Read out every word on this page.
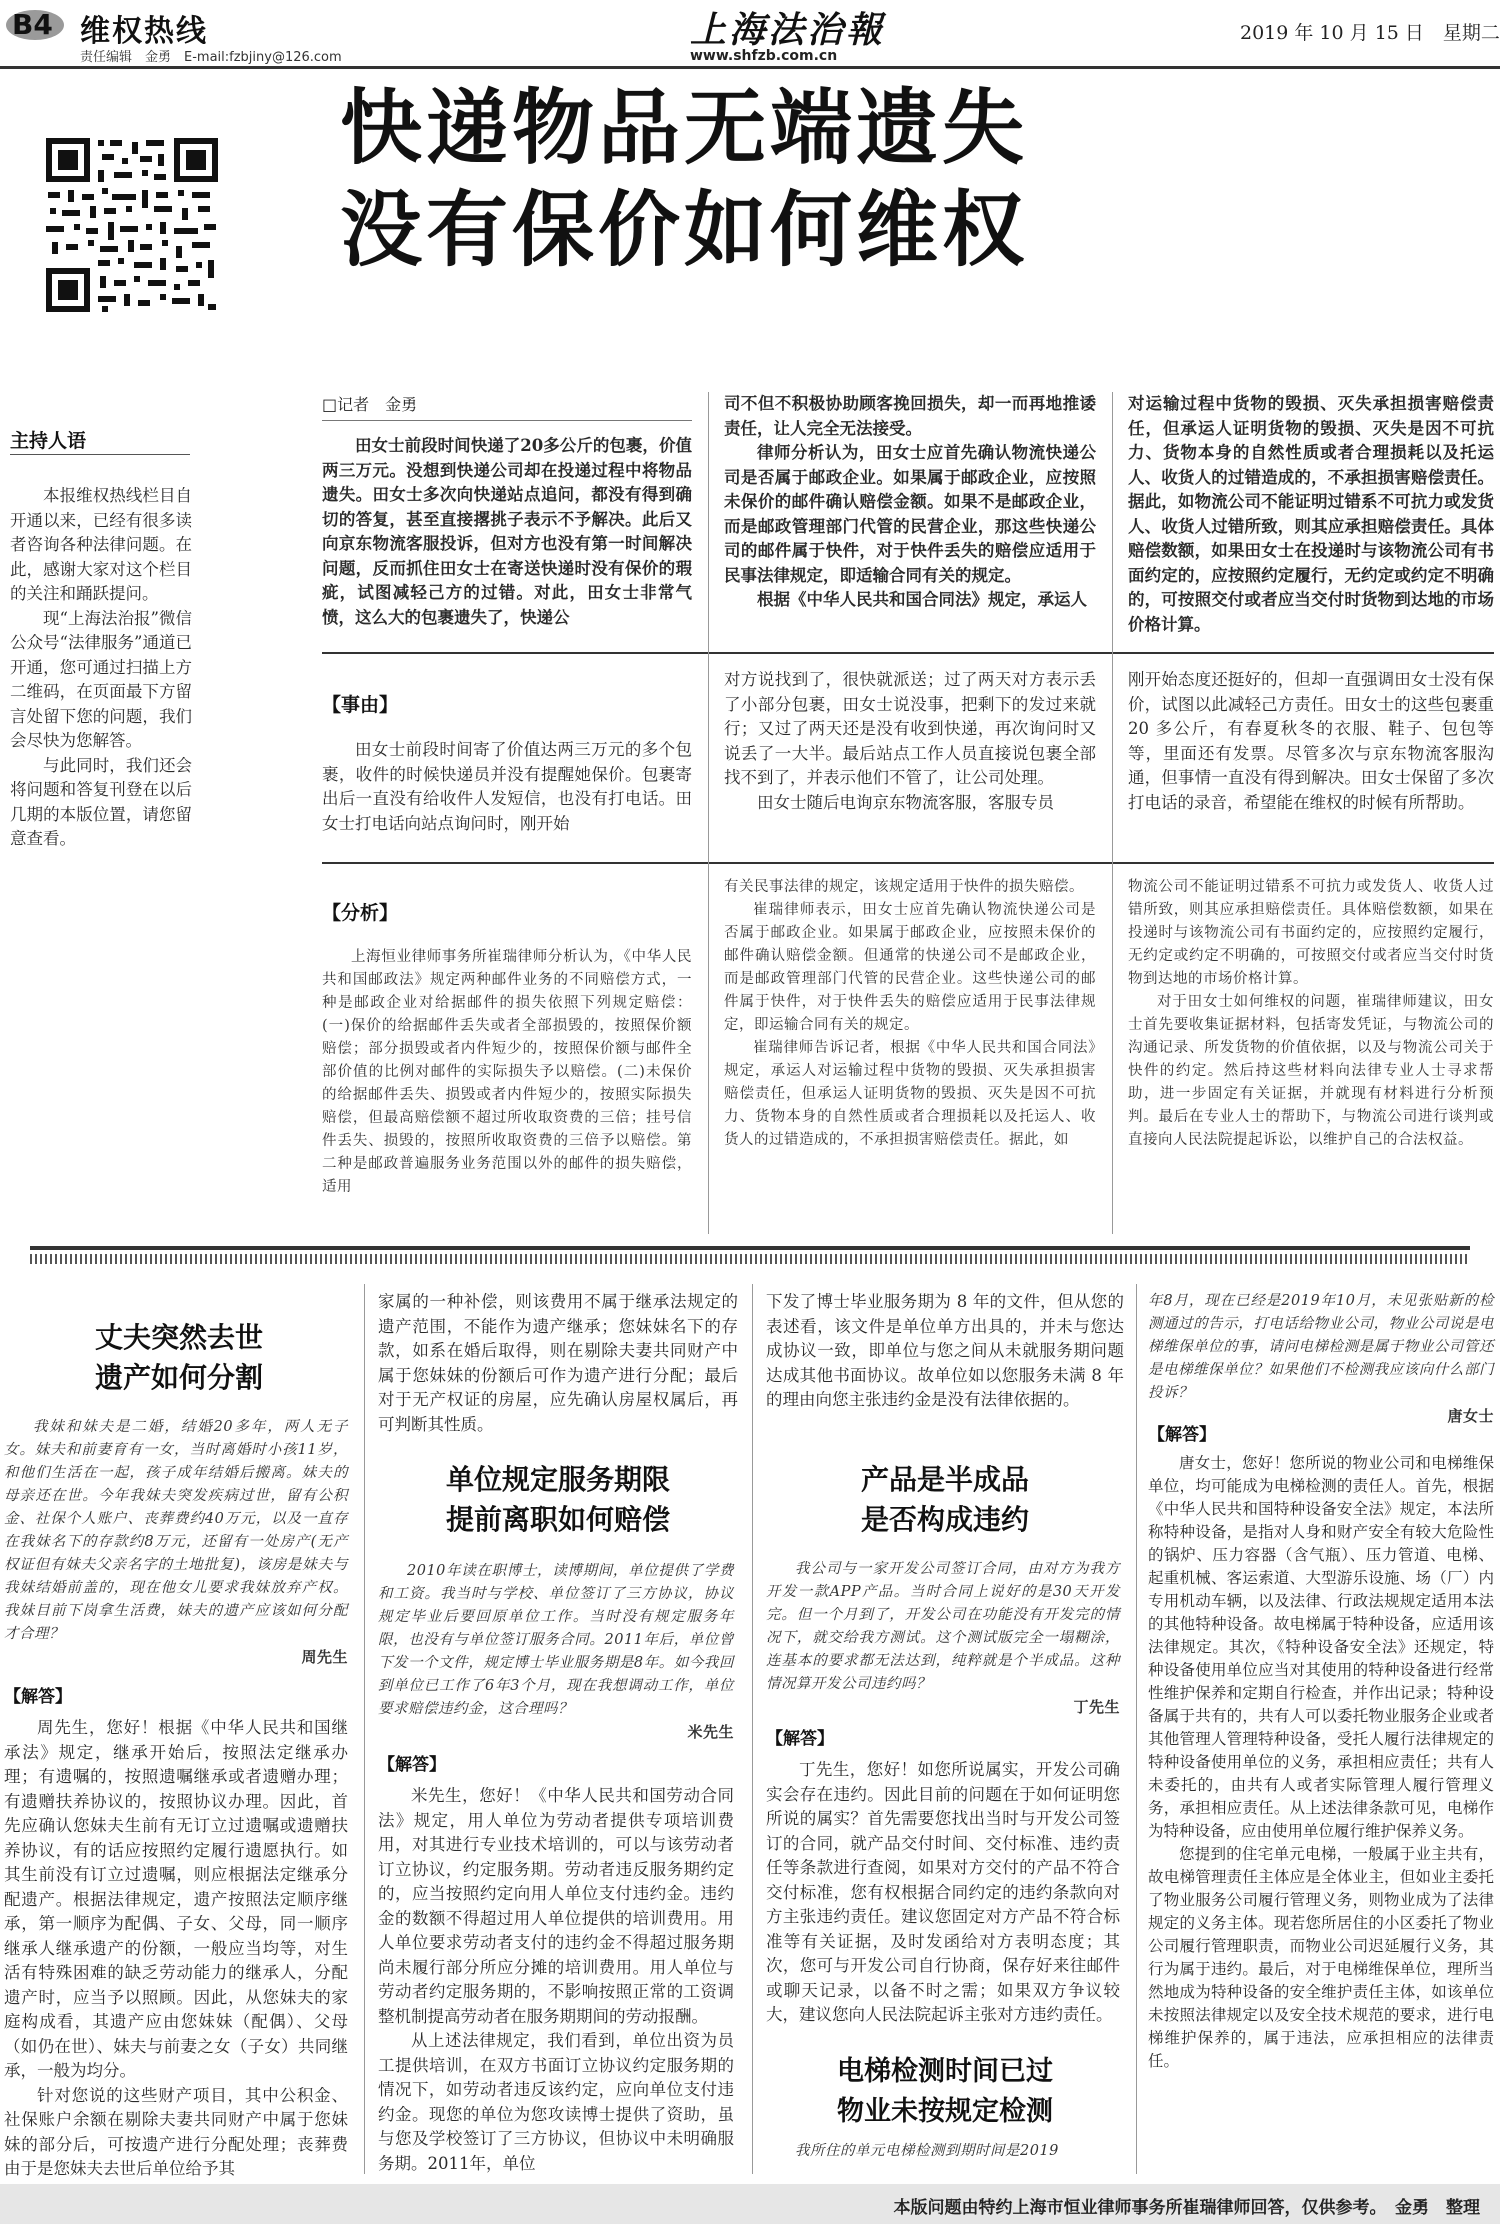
B4 维权热线
责任编辑　金勇　E-mail:fzbjiny@126.com
上海法治報
www.shfzb.com.cn
2019 年 10 月 15 日　星期二
快递物品无端遗失
没有保价如何维权
主持人语

本报维权热线栏目自开通以来，已经有很多读者咨询各种法律问题。在此，感谢大家对这个栏目的关注和踊跃提问。

现“上海法治报”微信公众号“法律服务”通道已开通，您可通过扫描上方二维码，在页面最下方留言处留下您的问题，我们会尽快为您解答。

与此同时，我们还会将问题和答复刊登在以后几期的本版位置，请您留意查看。

□记者　金勇

田女士前段时间快递了20多公斤的包裹，价值两三万元。没想到快递公司却在投递过程中将物品遗失。田女士多次向快递站点追问，都没有得到确切的答复，甚至直接撂挑子表示不予解决。此后又向京东物流客服投诉，但对方也没有第一时间解决问题，反而抓住田女士在寄送快递时没有保价的瑕疵，试图减轻己方的过错。对此，田女士非常气愤，这么大的包裹遗失了，快递公

司不但不积极协助顾客挽回损失，却一而再地推诿责任，让人完全无法接受。

律师分析认为，田女士应首先确认物流快递公司是否属于邮政企业。如果属于邮政企业，应按照未保价的邮件确认赔偿金额。如果不是邮政企业，而是邮政管理部门代管的民营企业，那这些快递公司的邮件属于快件，对于快件丢失的赔偿应适用于民事法律规定，即适输合同有关的规定。

根据《中华人民共和国合同法》规定，承运人

对运输过程中货物的毁损、灭失承担损害赔偿责任，但承运人证明货物的毁损、灭失是因不可抗力、货物本身的自然性质或者合理损耗以及托运人、收货人的过错造成的，不承担损害赔偿责任。据此，如物流公司不能证明过错系不可抗力或发货人、收货人过错所致，则其应承担赔偿责任。具体赔偿数额，如果田女士在投递时与该物流公司有书面约定的，应按照约定履行，无约定或约定不明确的，可按照交付或者应当交付时货物到达地的市场价格计算。

【事由】

田女士前段时间寄了价值达两三万元的多个包裹，收件的时候快递员并没有提醒她保价。包裹寄出后一直没有给收件人发短信，也没有打电话。田女士打电话向站点询问时，刚开始

对方说找到了，很快就派送；过了两天对方表示丢了小部分包裹，田女士说没事，把剩下的发过来就行；又过了两天还是没有收到快递，再次询问时又说丢了一大半。最后站点工作人员直接说包裹全部找不到了，并表示他们不管了，让公司处理。

田女士随后电询京东物流客服，客服专员

刚开始态度还挺好的，但却一直强调田女士没有保价，试图以此减轻己方责任。田女士的这些包裹重 20 多公斤，有春夏秋冬的衣服、鞋子、包包等等，里面还有发票。尽管多次与京东物流客服沟通，但事情一直没有得到解决。田女士保留了多次打电话的录音，希望能在维权的时候有所帮助。

【分析】

上海恒业律师事务所崔瑞律师分析认为，《中华人民共和国邮政法》规定两种邮件业务的不同赔偿方式，一种是邮政企业对给据邮件的损失依照下列规定赔偿：(一)保价的给据邮件丢失或者全部损毁的，按照保价额赔偿；部分损毁或者内件短少的，按照保价额与邮件全部价值的比例对邮件的实际损失予以赔偿。(二)未保价的给据邮件丢失、损毁或者内件短少的，按照实际损失赔偿，但最高赔偿额不超过所收取资费的三倍；挂号信件丢失、损毁的，按照所收取资费的三倍予以赔偿。第二种是邮政普遍服务业务范围以外的邮件的损失赔偿，适用

有关民事法律的规定，该规定适用于快件的损失赔偿。

崔瑞律师表示，田女士应首先确认物流快递公司是否属于邮政企业。如果属于邮政企业，应按照未保价的邮件确认赔偿金额。但通常的快递公司不是邮政企业，而是邮政管理部门代管的民营企业。这些快递公司的邮件属于快件，对于快件丢失的赔偿应适用于民事法律规定，即运输合同有关的规定。

崔瑞律师告诉记者，根据《中华人民共和国合同法》规定，承运人对运输过程中货物的毁损、灭失承担损害赔偿责任，但承运人证明货物的毁损、灭失是因不可抗力、货物本身的自然性质或者合理损耗以及托运人、收货人的过错造成的，不承担损害赔偿责任。据此，如

物流公司不能证明过错系不可抗力或发货人、收货人过错所致，则其应承担赔偿责任。具体赔偿数额，如果在投递时与该物流公司有书面约定的，应按照约定履行，无约定或约定不明确的，可按照交付或者应当交付时货物到达地的市场价格计算。

对于田女士如何维权的问题，崔瑞律师建议，田女士首先要收集证据材料，包括寄发凭证，与物流公司的沟通记录、所发货物的价值依据，以及与物流公司关于快件的约定。然后持这些材料向法律专业人士寻求帮助，进一步固定有关证据，并就现有材料进行分析预判。最后在专业人士的帮助下，与物流公司进行谈判或直接向人民法院提起诉讼，以维护自己的合法权益。

丈夫突然去世
遗产如何分割

我妹和妹夫是二婚，结婚20多年，两人无子女。妹夫和前妻育有一女，当时离婚时小孩11岁，和他们生活在一起，孩子成年结婚后搬离。妹夫的母亲还在世。今年我妹夫突发疾病过世，留有公积金、社保个人账户、丧葬费约40万元，以及一直存在我妹名下的存款约8万元，还留有一处房产(无产权证但有妹夫父亲名字的土地批复)，该房是妹夫与我妹结婚前盖的，现在他女儿要求我妹放弃产权。我妹目前下岗拿生活费，妹夫的遗产应该如何分配才合理？

周先生
【解答】

周先生，您好！根据《中华人民共和国继承法》规定，继承开始后，按照法定继承办理；有遗嘱的，按照遗嘱继承或者遗赠办理；有遗赠扶养协议的，按照协议办理。因此，首先应确认您妹夫生前有无订立过遗嘱或遗赠扶养协议，有的话应按照约定履行遗愿执行。如其生前没有订立过遗嘱，则应根据法定继承分配遗产。根据法律规定，遗产按照法定顺序继承，第一顺序为配偶、子女、父母，同一顺序继承人继承遗产的份额，一般应当均等，对生活有特殊困难的缺乏劳动能力的继承人，分配遗产时，应当予以照顾。因此，从您妹夫的家庭构成看，其遗产应由您妹妹（配偶）、父母（如仍在世）、妹夫与前妻之女（子女）共同继承，一般为均分。

针对您说的这些财产项目，其中公积金、社保账户余额在剔除夫妻共同财产中属于您妹妹的部分后，可按遗产进行分配处理；丧葬费由于是您妹夫去世后单位给予其

家属的一种补偿，则该费用不属于继承法规定的遗产范围，不能作为遗产继承；您妹妹名下的存款，如系在婚后取得，则在剔除夫妻共同财产中属于您妹妹的份额后可作为遗产进行分配；最后对于无产权证的房屋，应先确认房屋权属后，再可判断其性质。

单位规定服务期限
提前离职如何赔偿

2010年读在职博士，读博期间，单位提供了学费和工资。我当时与学校、单位签订了三方协议，协议规定毕业后要回原单位工作。当时没有规定服务年限，也没有与单位签订服务合同。2011年后，单位曾下发一个文件，规定博士毕业服务期是8年。如今我回到单位已工作了6年3个月，现在我想调动工作，单位要求赔偿违约金，这合理吗？

米先生
【解答】

米先生，您好！《中华人民共和国劳动合同法》规定，用人单位为劳动者提供专项培训费用，对其进行专业技术培训的，可以与该劳动者订立协议，约定服务期。劳动者违反服务期约定的，应当按照约定向用人单位支付违约金。违约金的数额不得超过用人单位提供的培训费用。用人单位要求劳动者支付的违约金不得超过服务期尚未履行部分所应分摊的培训费用。用人单位与劳动者约定服务期的，不影响按照正常的工资调整机制提高劳动者在服务期期间的劳动报酬。

从上述法律规定，我们看到，单位出资为员工提供培训，在双方书面订立协议约定服务期的情况下，如劳动者违反该约定，应向单位支付违约金。现您的单位为您攻读博士提供了资助，虽与您及学校签订了三方协议，但协议中未明确服务期。2011年，单位

下发了博士毕业服务期为 8 年的文件，但从您的表述看，该文件是单位单方出具的，并未与您达成协议一致，即单位与您之间从未就服务期问题达成其他书面协议。故单位如以您服务未满 8 年的理由向您主张违约金是没有法律依据的。

产品是半成品
是否构成违约

我公司与一家开发公司签订合同，由对方为我方开发一款APP产品。当时合同上说好的是30天开发完。但一个月到了，开发公司在功能没有开发完的情况下，就交给我方测试。这个测试版完全一塌糊涂，连基本的要求都无法达到，纯粹就是个半成品。这种情况算开发公司违约吗？

丁先生
【解答】

丁先生，您好！如您所说属实，开发公司确实会存在违约。因此目前的问题在于如何证明您所说的属实？首先需要您找出当时与开发公司签订的合同，就产品交付时间、交付标准、违约责任等条款进行查阅，如果对方交付的产品不符合交付标准，您有权根据合同约定的违约条款向对方主张违约责任。建议您固定对方产品不符合标准等有关证据，及时发函给对方表明态度；其次，您可与开发公司自行协商，保存好来往邮件或聊天记录，以备不时之需；如果双方争议较大，建议您向人民法院起诉主张对方违约责任。

电梯检测时间已过
物业未按规定检测

我所住的单元电梯检测到期时间是2019

年8月，现在已经是2019年10月，未见张贴新的检测通过的告示，打电话给物业公司，物业公司说是电梯维保单位的事，请问电梯检测是属于物业公司管还是电梯维保单位？如果他们不检测我应该向什么部门投诉？

唐女士
【解答】

唐女士，您好！您所说的物业公司和电梯维保单位，均可能成为电梯检测的责任人。首先，根据《中华人民共和国特种设备安全法》规定，本法所称特种设备，是指对人身和财产安全有较大危险性的锅炉、压力容器（含气瓶）、压力管道、电梯、起重机械、客运索道、大型游乐设施、场（厂）内专用机动车辆，以及法律、行政法规规定适用本法的其他特种设备。故电梯属于特种设备，应适用该法律规定。其次，《特种设备安全法》还规定，特种设备使用单位应当对其使用的特种设备进行经常性维护保养和定期自行检查，并作出记录；特种设备属于共有的，共有人可以委托物业服务企业或者其他管理人管理特种设备，受托人履行法律规定的特种设备使用单位的义务，承担相应责任；共有人未委托的，由共有人或者实际管理人履行管理义务，承担相应责任。从上述法律条款可见，电梯作为特种设备，应由使用单位履行维护保养义务。

您提到的住宅单元电梯，一般属于业主共有，故电梯管理责任主体应是全体业主，但如业主委托了物业服务公司履行管理义务，则物业成为了法律规定的义务主体。现若您所居住的小区委托了物业公司履行管理职责，而物业公司迟延履行义务，其行为属于违约。最后，对于电梯维保单位，理所当然地成为特种设备的安全维护责任主体，如该单位未按照法律规定以及安全技术规范的要求，进行电梯维护保养的，属于违法，应承担相应的法律责任。

本版问题由特约上海市恒业律师事务所崔瑞律师回答，仅供参考。　金勇　整理
